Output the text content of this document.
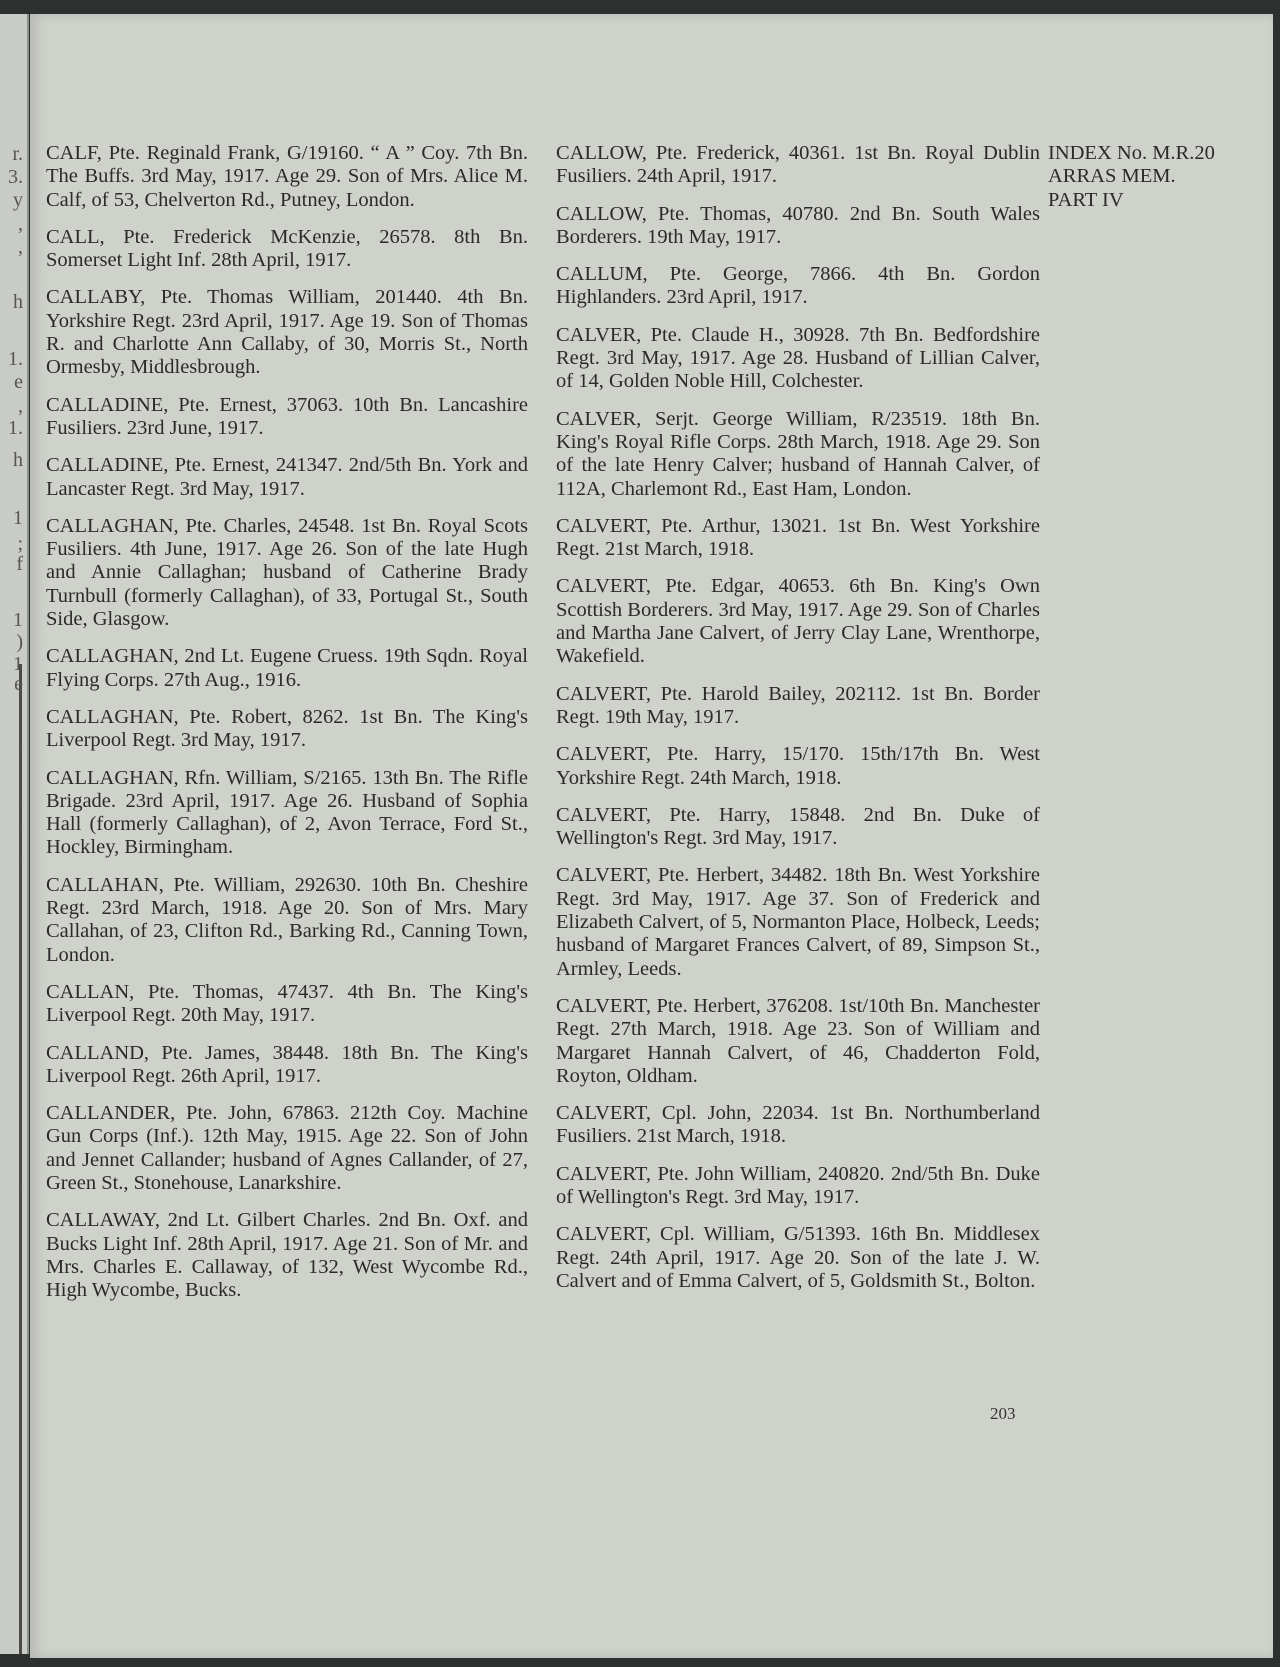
r.
3.
y
,
,
h
1.
e
,
1.
h
1
;
f
1
)
1
e
.
.
.
.
.

CALF, Pte. Reginald Frank, G/19160. “ A ” Coy. 7th Bn. The Buffs. 3rd May, 1917. Age 29. Son of Mrs. Alice M. Calf, of 53, Chelverton Rd., Putney, London.

CALL, Pte. Frederick McKenzie, 26578. 8th Bn. Somerset Light Inf. 28th April, 1917.

CALLABY, Pte. Thomas William, 201440. 4th Bn. Yorkshire Regt. 23rd April, 1917. Age 19. Son of Thomas R. and Charlotte Ann Callaby, of 30, Morris St., North Ormesby, Middlesbrough.

CALLADINE, Pte. Ernest, 37063. 10th Bn. Lancashire Fusiliers. 23rd June, 1917.

CALLADINE, Pte. Ernest, 241347. 2nd/5th Bn. York and Lancaster Regt. 3rd May, 1917.

CALLAGHAN, Pte. Charles, 24548. 1st Bn. Royal Scots Fusiliers. 4th June, 1917. Age 26. Son of the late Hugh and Annie Callaghan; husband of Catherine Brady Turnbull (formerly Callaghan), of 33, Portugal St., South Side, Glasgow.

CALLAGHAN, 2nd Lt. Eugene Cruess. 19th Sqdn. Royal Flying Corps. 27th Aug., 1916.

CALLAGHAN, Pte. Robert, 8262. 1st Bn. The King's Liverpool Regt. 3rd May, 1917.

CALLAGHAN, Rfn. William, S/2165. 13th Bn. The Rifle Brigade. 23rd April, 1917. Age 26. Husband of Sophia Hall (formerly Callaghan), of 2, Avon Terrace, Ford St., Hockley, Birmingham.

CALLAHAN, Pte. William, 292630. 10th Bn. Cheshire Regt. 23rd March, 1918. Age 20. Son of Mrs. Mary Callahan, of 23, Clifton Rd., Barking Rd., Canning Town, London.

CALLAN, Pte. Thomas, 47437. 4th Bn. The King's Liverpool Regt. 20th May, 1917.

CALLAND, Pte. James, 38448. 18th Bn. The King's Liverpool Regt. 26th April, 1917.

CALLANDER, Pte. John, 67863. 212th Coy. Machine Gun Corps (Inf.). 12th May, 1915. Age 22. Son of John and Jennet Callander; husband of Agnes Callander, of 27, Green St., Stonehouse, Lanarkshire.

CALLAWAY, 2nd Lt. Gilbert Charles. 2nd Bn. Oxf. and Bucks Light Inf. 28th April, 1917. Age 21. Son of Mr. and Mrs. Charles E. Callaway, of 132, West Wycombe Rd., High Wycombe, Bucks.

CALLOW, Pte. Frederick, 40361. 1st Bn. Royal Dublin Fusiliers. 24th April, 1917.

CALLOW, Pte. Thomas, 40780. 2nd Bn. South Wales Borderers. 19th May, 1917.

CALLUM, Pte. George, 7866. 4th Bn. Gordon Highlanders. 23rd April, 1917.

CALVER, Pte. Claude H., 30928. 7th Bn. Bedfordshire Regt. 3rd May, 1917. Age 28. Husband of Lillian Calver, of 14, Golden Noble Hill, Colchester.

CALVER, Serjt. George William, R/23519. 18th Bn. King's Royal Rifle Corps. 28th March, 1918. Age 29. Son of the late Henry Calver; husband of Hannah Calver, of 112A, Charlemont Rd., East Ham, London.

CALVERT, Pte. Arthur, 13021. 1st Bn. West Yorkshire Regt. 21st March, 1918.

CALVERT, Pte. Edgar, 40653. 6th Bn. King's Own Scottish Borderers. 3rd May, 1917. Age 29. Son of Charles and Martha Jane Calvert, of Jerry Clay Lane, Wrenthorpe, Wakefield.

CALVERT, Pte. Harold Bailey, 202112. 1st Bn. Border Regt. 19th May, 1917.

CALVERT, Pte. Harry, 15/170. 15th/17th Bn. West Yorkshire Regt. 24th March, 1918.

CALVERT, Pte. Harry, 15848. 2nd Bn. Duke of Wellington's Regt. 3rd May, 1917.

CALVERT, Pte. Herbert, 34482. 18th Bn. West Yorkshire Regt. 3rd May, 1917. Age 37. Son of Frederick and Elizabeth Calvert, of 5, Normanton Place, Holbeck, Leeds; husband of Margaret Frances Calvert, of 89, Simpson St., Armley, Leeds.

CALVERT, Pte. Herbert, 376208. 1st/10th Bn. Manchester Regt. 27th March, 1918. Age 23. Son of William and Margaret Hannah Calvert, of 46, Chadderton Fold, Royton, Oldham.

CALVERT, Cpl. John, 22034. 1st Bn. Northumberland Fusiliers. 21st March, 1918.

CALVERT, Pte. John William, 240820. 2nd/5th Bn. Duke of Wellington's Regt. 3rd May, 1917.

CALVERT, Cpl. William, G/51393. 16th Bn. Middlesex Regt. 24th April, 1917. Age 20. Son of the late J. W. Calvert and of Emma Calvert, of 5, Goldsmith St., Bolton.

INDEX No. M.R.20
ARRAS MEM.
PART IV
203
